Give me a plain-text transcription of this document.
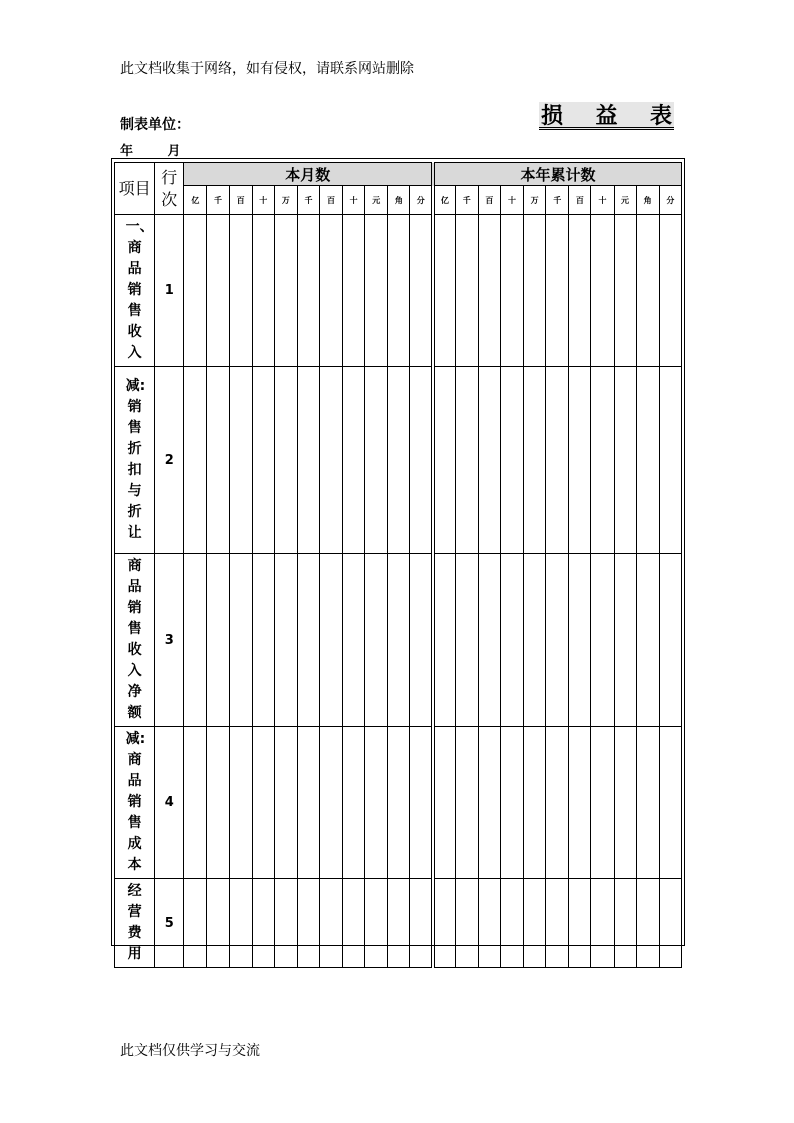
此文档收集于网络，如有侵权，请联系网站删除
制表单位：	损 益 表
年	月
项目	行次	本月数											本年累计数										
		亿	千	百	十	万	千	百	十	元	角	分	亿	千	百	十	万	千	百	十	元	角	分
一、商品销售收入	1																						
减:销售折扣与折让	2																						
商品销售收入净额	3																						
减:商品销售成本	4																						
经营费用	5																						
此文档仅供学习与交流
